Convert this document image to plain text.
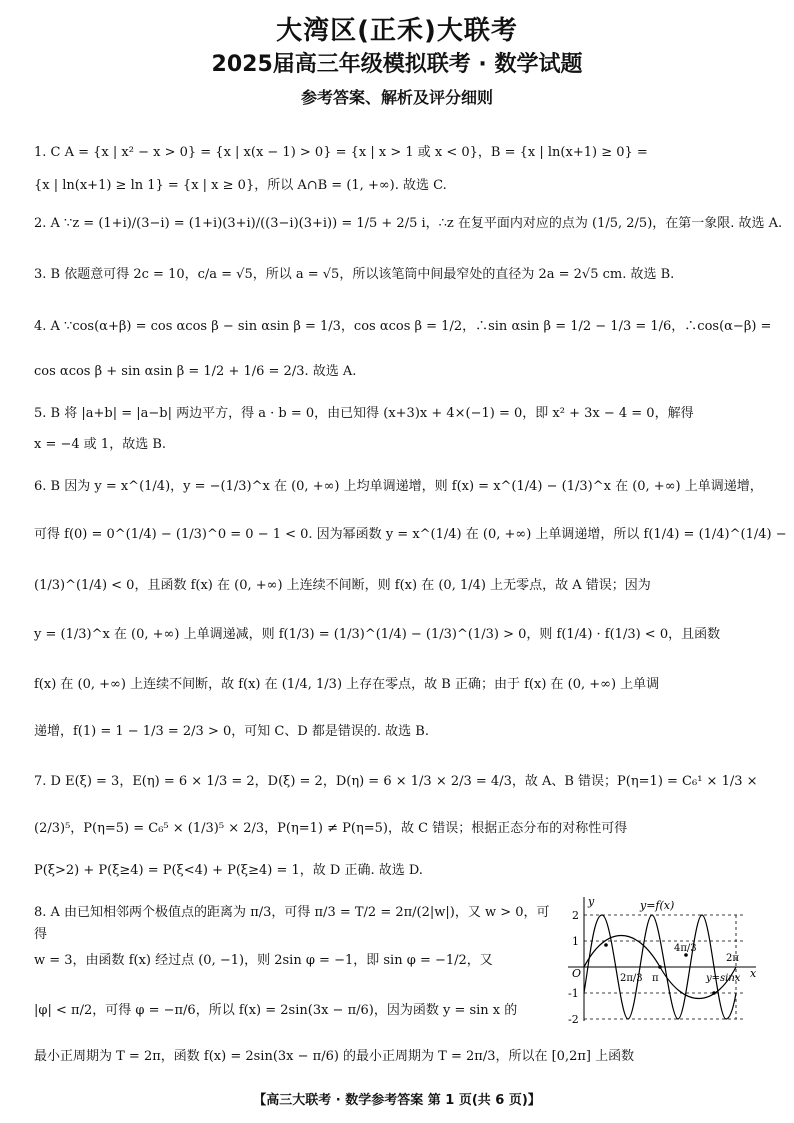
大湾区(正禾)大联考
2025届高三年级模拟联考 · 数学试题
参考答案、解析及评分细则
1. C A = {x | x² − x > 0} = {x | x(x − 1) > 0} = {x | x > 1 或 x < 0}，B = {x | ln(x+1) ≥ 0} =
{x | ln(x+1) ≥ ln 1} = {x | x ≥ 0}，所以 A∩B = (1, +∞). 故选 C.
2. A ∵z = (1+i)/(3−i) = (1+i)(3+i)/((3−i)(3+i)) = 1/5 + 2/5 i，∴z 在复平面内对应的点为 (1/5, 2/5)，在第一象限. 故选 A.
3. B 依题意可得 2c = 10，c/a = √5，所以 a = √5，所以该笔筒中间最窄处的直径为 2a = 2√5 cm. 故选 B.
4. A ∵cos(α+β) = cos αcos β − sin αsin β = 1/3，cos αcos β = 1/2，∴sin αsin β = 1/2 − 1/3 = 1/6，∴cos(α−β) =
cos αcos β + sin αsin β = 1/2 + 1/6 = 2/3. 故选 A.
5. B 将 |a+b| = |a−b| 两边平方，得 a · b = 0，由已知得 (x+3)x + 4×(−1) = 0，即 x² + 3x − 4 = 0，解得
x = −4 或 1，故选 B.
6. B 因为 y = x^(1/4)，y = −(1/3)^x 在 (0, +∞) 上均单调递增，则 f(x) = x^(1/4) − (1/3)^x 在 (0, +∞) 上单调递增，
可得 f(0) = 0^(1/4) − (1/3)^0 = 0 − 1 < 0. 因为幂函数 y = x^(1/4) 在 (0, +∞) 上单调递增，所以 f(1/4) = (1/4)^(1/4) −
(1/3)^(1/4) < 0，且函数 f(x) 在 (0, +∞) 上连续不间断，则 f(x) 在 (0, 1/4) 上无零点，故 A 错误；因为
y = (1/3)^x 在 (0, +∞) 上单调递减，则 f(1/3) = (1/3)^(1/4) − (1/3)^(1/3) > 0，则 f(1/4) · f(1/3) < 0，且函数
f(x) 在 (0, +∞) 上连续不间断，故 f(x) 在 (1/4, 1/3) 上存在零点，故 B 正确；由于 f(x) 在 (0, +∞) 上单调
递增，f(1) = 1 − 1/3 = 2/3 > 0，可知 C、D 都是错误的. 故选 B.
7. D E(ξ) = 3，E(η) = 6 × 1/3 = 2，D(ξ) = 2，D(η) = 6 × 1/3 × 2/3 = 4/3，故 A、B 错误；P(η=1) = C₆¹ × 1/3 ×
(2/3)⁵，P(η=5) = C₆⁵ × (1/3)⁵ × 2/3，P(η=1) ≠ P(η=5)，故 C 错误；根据正态分布的对称性可得
P(ξ>2) + P(ξ≥4) = P(ξ<4) + P(ξ≥4) = 1，故 D 正确. 故选 D.
8. A 由已知相邻两个极值点的距离为 π/3，可得 π/3 = T/2 = 2π/(2|w|)，又 w > 0，可得
w = 3，由函数 f(x) 经过点 (0, −1)，则 2sin φ = −1，即 sin φ = −1/2，又
|φ| < π/2，可得 φ = −π/6，所以 f(x) = 2sin(3x − π/6)，因为函数 y = sin x 的
最小正周期为 T = 2π，函数 f(x) = 2sin(3x − π/6) 的最小正周期为 T = 2π/3，所以在 [0,2π] 上函数
y=f(x)
y=sinx
2
1
-1
-2
O	x
y
2π/3 π
4π/3
2π
【高三大联考 · 数学参考答案 第 1 页(共 6 页)】
